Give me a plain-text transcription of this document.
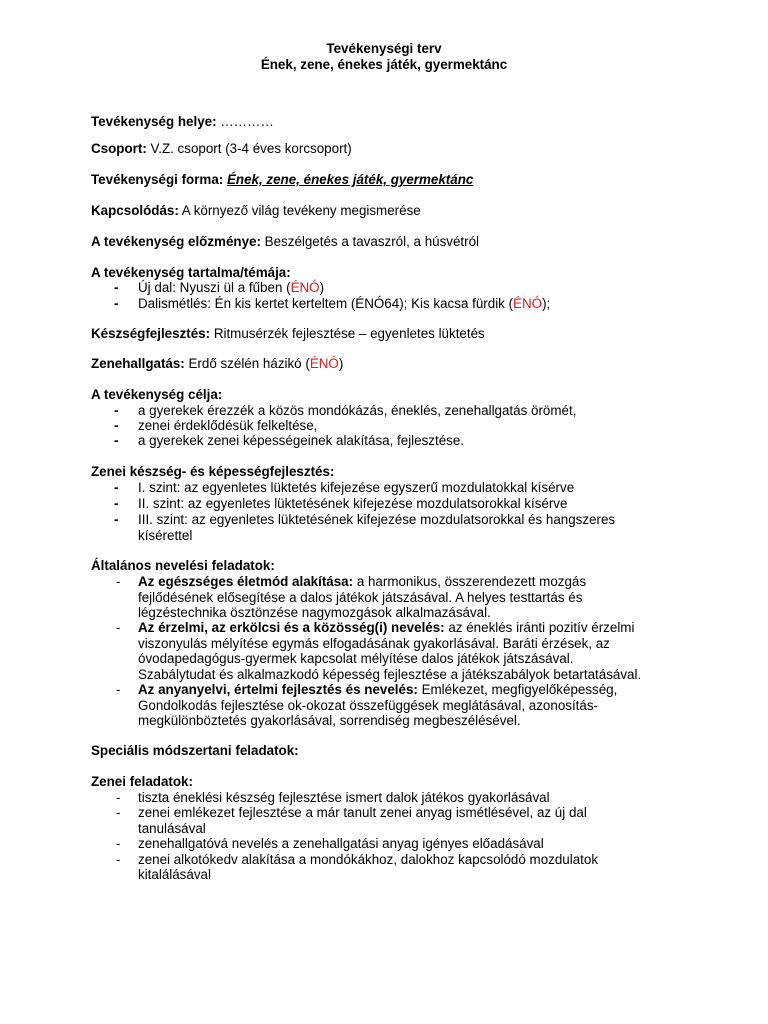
Tevékenységi terv
Ének, zene, énekes játék, gyermektánc
Tevékenység helye: …………
Csoport: V.Z. csoport (3-4 éves korcsoport)
Tevékenységi forma: Ének, zene, énekes játék, gyermektánc
Kapcsolódás: A környező világ tevékeny megismerése
A tevékenység előzménye: Beszélgetés a tavaszról, a húsvétról
A tevékenység tartalma/témája:
- Új dal: Nyuszi ül a fűben (ÉNÓ)
- Dalismétlés: Én kis kertet kerteltem (ÉNÓ64); Kis kacsa fürdik (ÉNÓ);
Készségfejlesztés: Ritmusérzék fejlesztése – egyenletes lüktetés
Zenehallgatás: Erdő szélén házikó (ÉNÓ)
A tevékenység célja:
- a gyerekek érezzék a közös mondókázás, éneklés, zenehallgatás örömét,
- zenei érdeklődésük felkeltése,
- a gyerekek zenei képességeinek alakítása, fejlesztése.
Zenei készség- és képességfejlesztés:
- I. szint: az egyenletes lüktetés kifejezése egyszerű mozdulatokkal kísérve
- II. szint: az egyenletes lüktetésének kifejezése mozdulatsorokkal kísérve
- III. szint: az egyenletes lüktetésének kifejezése mozdulatsorokkal és hangszeres
kísérettel
Általános nevelési feladatok:
- Az egészséges életmód alakítása: a harmonikus, összerendezett mozgás
fejlődésének elősegítése a dalos játékok játszásával. A helyes testtartás és
légzéstechnika ösztönzése nagymozgások alkalmazásával.
- Az érzelmi, az erkölcsi és a közösség(i) nevelés: az éneklés iránti pozitív érzelmi
viszonyulás mélyítése egymás elfogadásának gyakorlásával. Baráti érzések, az
óvodapedagógus-gyermek kapcsolat mélyítése dalos játékok játszásával.
Szabálytudat és alkalmazkodó képesség fejlesztése a játékszabályok betartatásával.
- Az anyanyelvi, értelmi fejlesztés és nevelés: Emlékezet, megfigyelőképesség,
Gondolkodás fejlesztése ok-okozat összefüggések meglátásával, azonosítás-
megkülönböztetés gyakorlásával, sorrendiség megbeszélésével.
Speciális módszertani feladatok:
Zenei feladatok:
- tiszta éneklési készség fejlesztése ismert dalok játékos gyakorlásával
- zenei emlékezet fejlesztése a már tanult zenei anyag ismétlésével, az új dal
tanulásával
- zenehallgatóvá nevelés a zenehallgatási anyag igényes előadásával
- zenei alkotókedv alakítása a mondókákhoz, dalokhoz kapcsolódó mozdulatok
kitalálásával
